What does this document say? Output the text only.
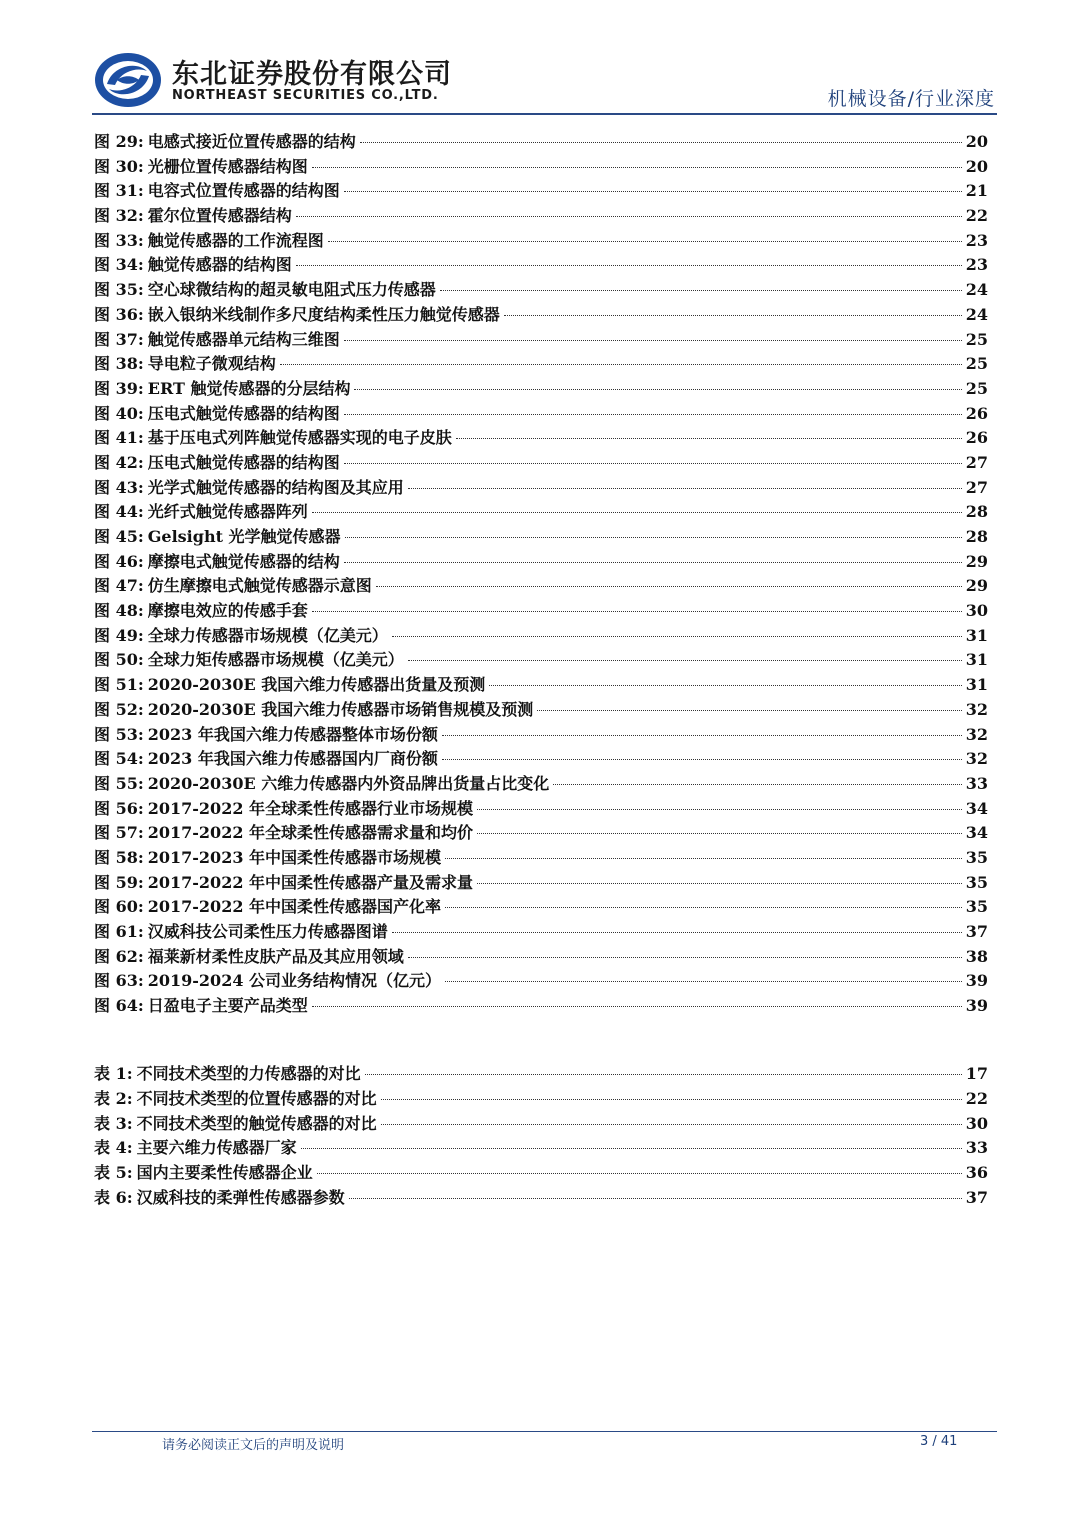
东北证券股份有限公司
NORTHEAST SECURITIES CO.,LTD.	机械设备/行业深度
图 29: 电感式接近位置传感器的结构	20
图 30: 光栅位置传感器结构图	20
图 31: 电容式位置传感器的结构图	21
图 32: 霍尔位置传感器结构	22
图 33: 触觉传感器的工作流程图	23
图 34: 触觉传感器的结构图	23
图 35: 空心球微结构的超灵敏电阻式压力传感器	24
图 36: 嵌入银纳米线制作多尺度结构柔性压力触觉传感器	24
图 37: 触觉传感器单元结构三维图	25
图 38: 导电粒子微观结构	25
图 39: ERT 触觉传感器的分层结构	25
图 40: 压电式触觉传感器的结构图	26
图 41: 基于压电式列阵触觉传感器实现的电子皮肤	26
图 42: 压电式触觉传感器的结构图	27
图 43: 光学式触觉传感器的结构图及其应用	27
图 44: 光纤式触觉传感器阵列	28
图 45: Gelsight 光学触觉传感器	28
图 46: 摩擦电式触觉传感器的结构	29
图 47: 仿生摩擦电式触觉传感器示意图	29
图 48: 摩擦电效应的传感手套	30
图 49: 全球力传感器市场规模（亿美元）	31
图 50: 全球力矩传感器市场规模（亿美元）	31
图 51: 2020-2030E 我国六维力传感器出货量及预测	31
图 52: 2020-2030E 我国六维力传感器市场销售规模及预测	32
图 53: 2023 年我国六维力传感器整体市场份额	32
图 54: 2023 年我国六维力传感器国内厂商份额	32
图 55: 2020-2030E 六维力传感器内外资品牌出货量占比变化	33
图 56: 2017-2022 年全球柔性传感器行业市场规模	34
图 57: 2017-2022 年全球柔性传感器需求量和均价	34
图 58: 2017-2023 年中国柔性传感器市场规模	35
图 59: 2017-2022 年中国柔性传感器产量及需求量	35
图 60: 2017-2022 年中国柔性传感器国产化率	35
图 61: 汉威科技公司柔性压力传感器图谱	37
图 62: 福莱新材柔性皮肤产品及其应用领域	38
图 63: 2019-2024 公司业务结构情况（亿元）	39
图 64: 日盈电子主要产品类型	39
表 1: 不同技术类型的力传感器的对比	17
表 2: 不同技术类型的位置传感器的对比	22
表 3: 不同技术类型的触觉传感器的对比	30
表 4: 主要六维力传感器厂家	33
表 5: 国内主要柔性传感器企业	36
表 6: 汉威科技的柔弹性传感器参数	37
请务必阅读正文后的声明及说明	3 / 41
